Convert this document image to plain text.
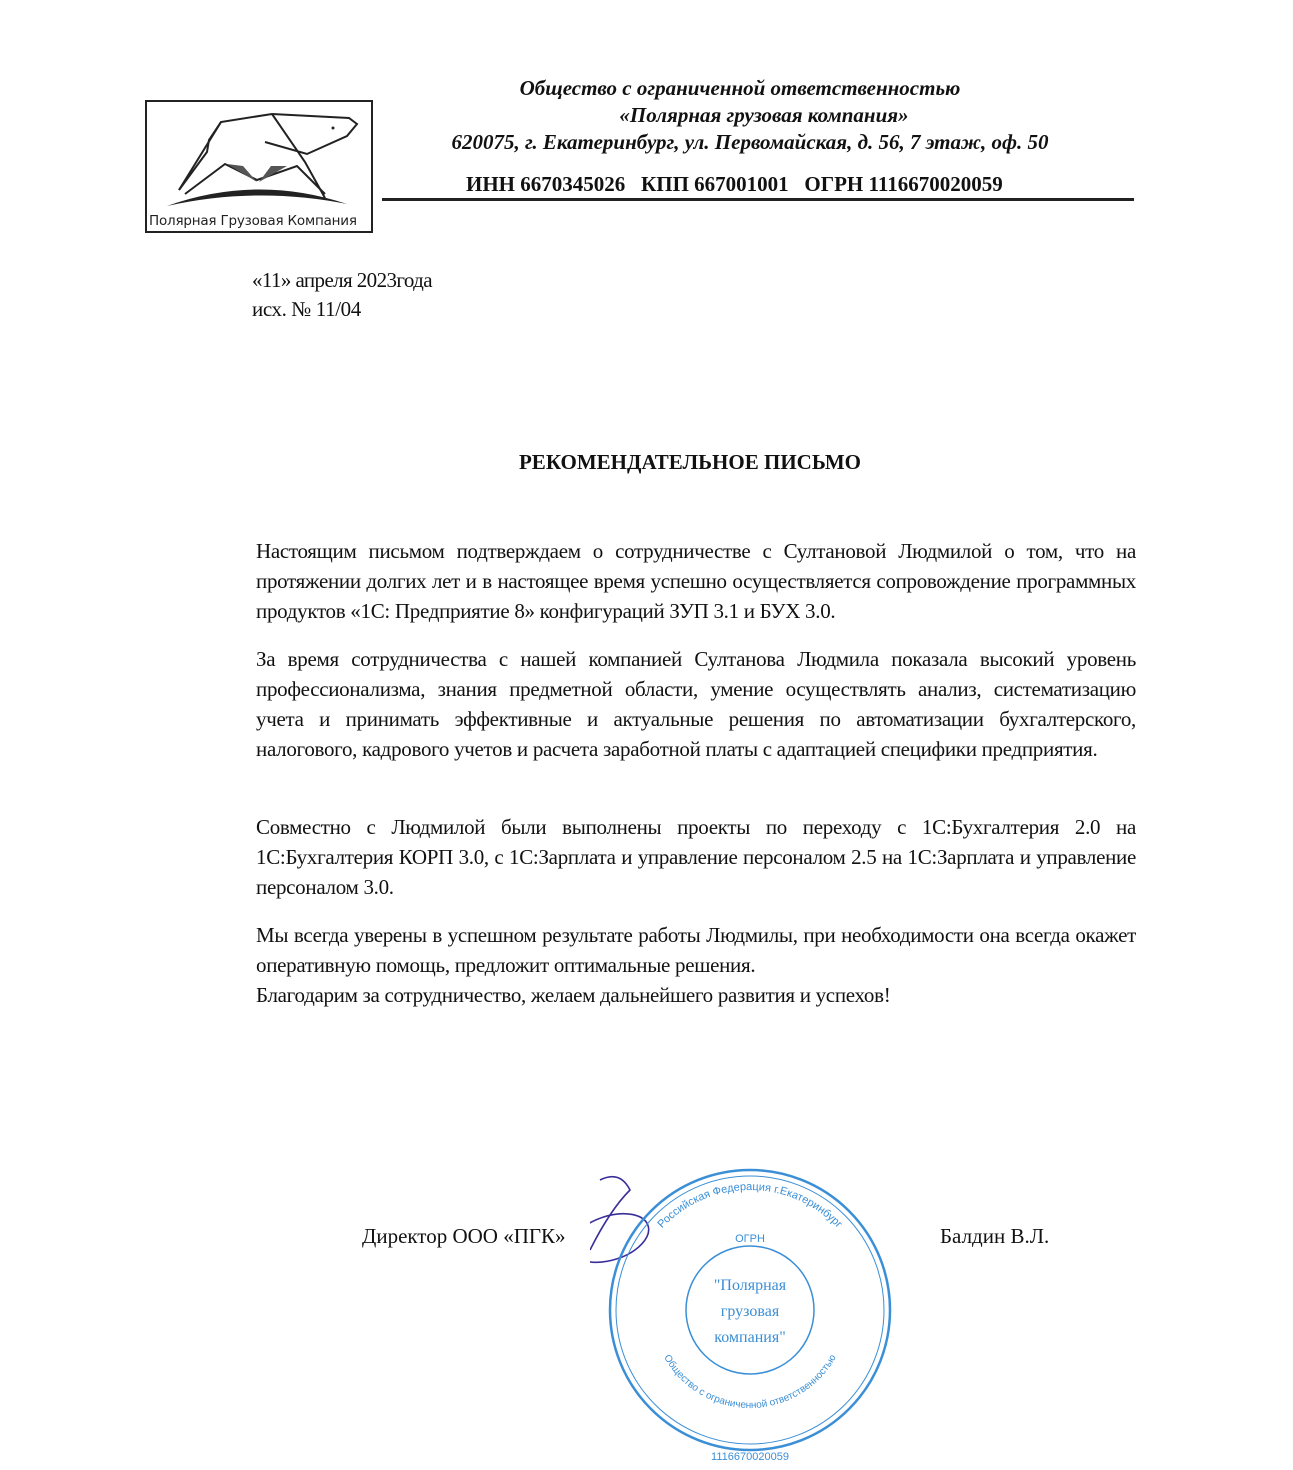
Полярная Грузовая Компания
Общество с ограниченной ответственностью
«Полярная грузовая компания»
620075, г. Екатеринбург, ул. Первомайская, д. 56, 7 этаж, оф. 50
ИНН 6670345026   КПП 667001001   ОГРН 1116670020059
«11» апреля 2023года
исх. № 11/04
РЕКОМЕНДАТЕЛЬНОЕ ПИСЬМО
Настоящим письмом подтверждаем о сотрудничестве с Султановой Людмилой о том, что на протяжении долгих лет и в настоящее время успешно осуществляется сопровождение программных продуктов «1С: Предприятие 8» конфигураций ЗУП 3.1 и БУХ 3.0.
За время сотрудничества с нашей компанией Султанова Людмила показала высокий уровень профессионализма, знания предметной области, умение осуществлять анализ, систематизацию учета и принимать эффективные и актуальные решения по автоматизации бухгалтерского, налогового, кадрового учетов и расчета заработной платы с адаптацией специфики предприятия.
Совместно с Людмилой были выполнены проекты по переходу с 1С:Бухгалтерия 2.0 на 1С:Бухгалтерия КОРП 3.0, с 1С:Зарплата и управление персоналом 2.5 на 1С:Зарплата и управление персоналом 3.0.
Мы всегда уверены в успешном результате работы Людмилы, при необходимости она всегда окажет оперативную помощь, предложит оптимальные решения.
Благодарим за сотрудничество, желаем дальнейшего развития и успехов!
Директор ООО «ПГК»	Балдин В.Л.
Российская Федерация г.Екатеринбург
Общество с ограниченной ответственностью
"Полярная
грузовая
компания"
ОГРН
1116670020059
